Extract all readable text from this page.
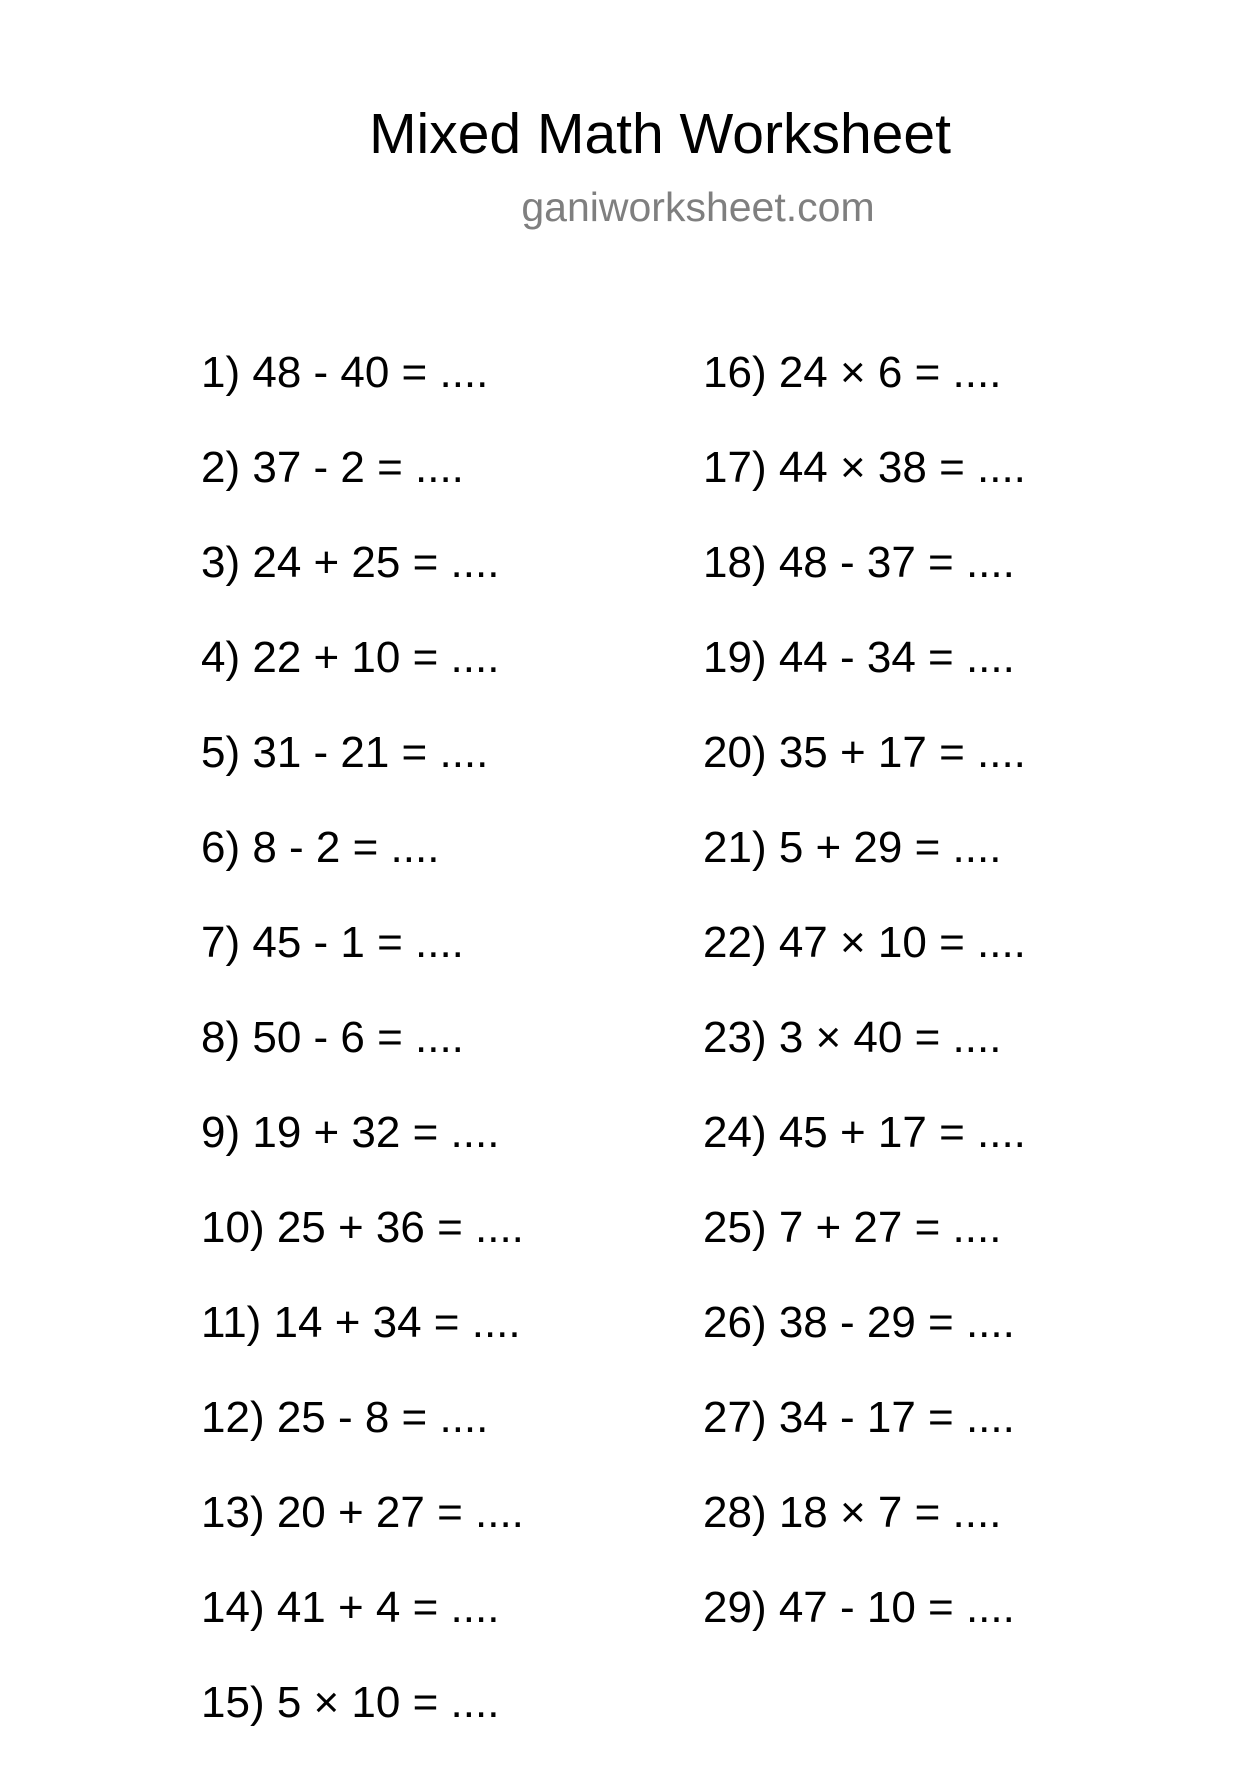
Mixed Math Worksheet
ganiworksheet.com
1) 48 - 40 = ....
2) 37 - 2 = ....
3) 24 + 25 = ....
4) 22 + 10 = ....
5) 31 - 21 = ....
6) 8 - 2 = ....
7) 45 - 1 = ....
8) 50 - 6 = ....
9) 19 + 32 = ....
10) 25 + 36 = ....
11) 14 + 34 = ....
12) 25 - 8 = ....
13) 20 + 27 = ....
14) 41 + 4 = ....
15) 5 × 10 = ....
16) 24 × 6 = ....
17) 44 × 38 = ....
18) 48 - 37 = ....
19) 44 - 34 = ....
20) 35 + 17 = ....
21) 5 + 29 = ....
22) 47 × 10 = ....
23) 3 × 40 = ....
24) 45 + 17 = ....
25) 7 + 27 = ....
26) 38 - 29 = ....
27) 34 - 17 = ....
28) 18 × 7 = ....
29) 47 - 10 = ....
